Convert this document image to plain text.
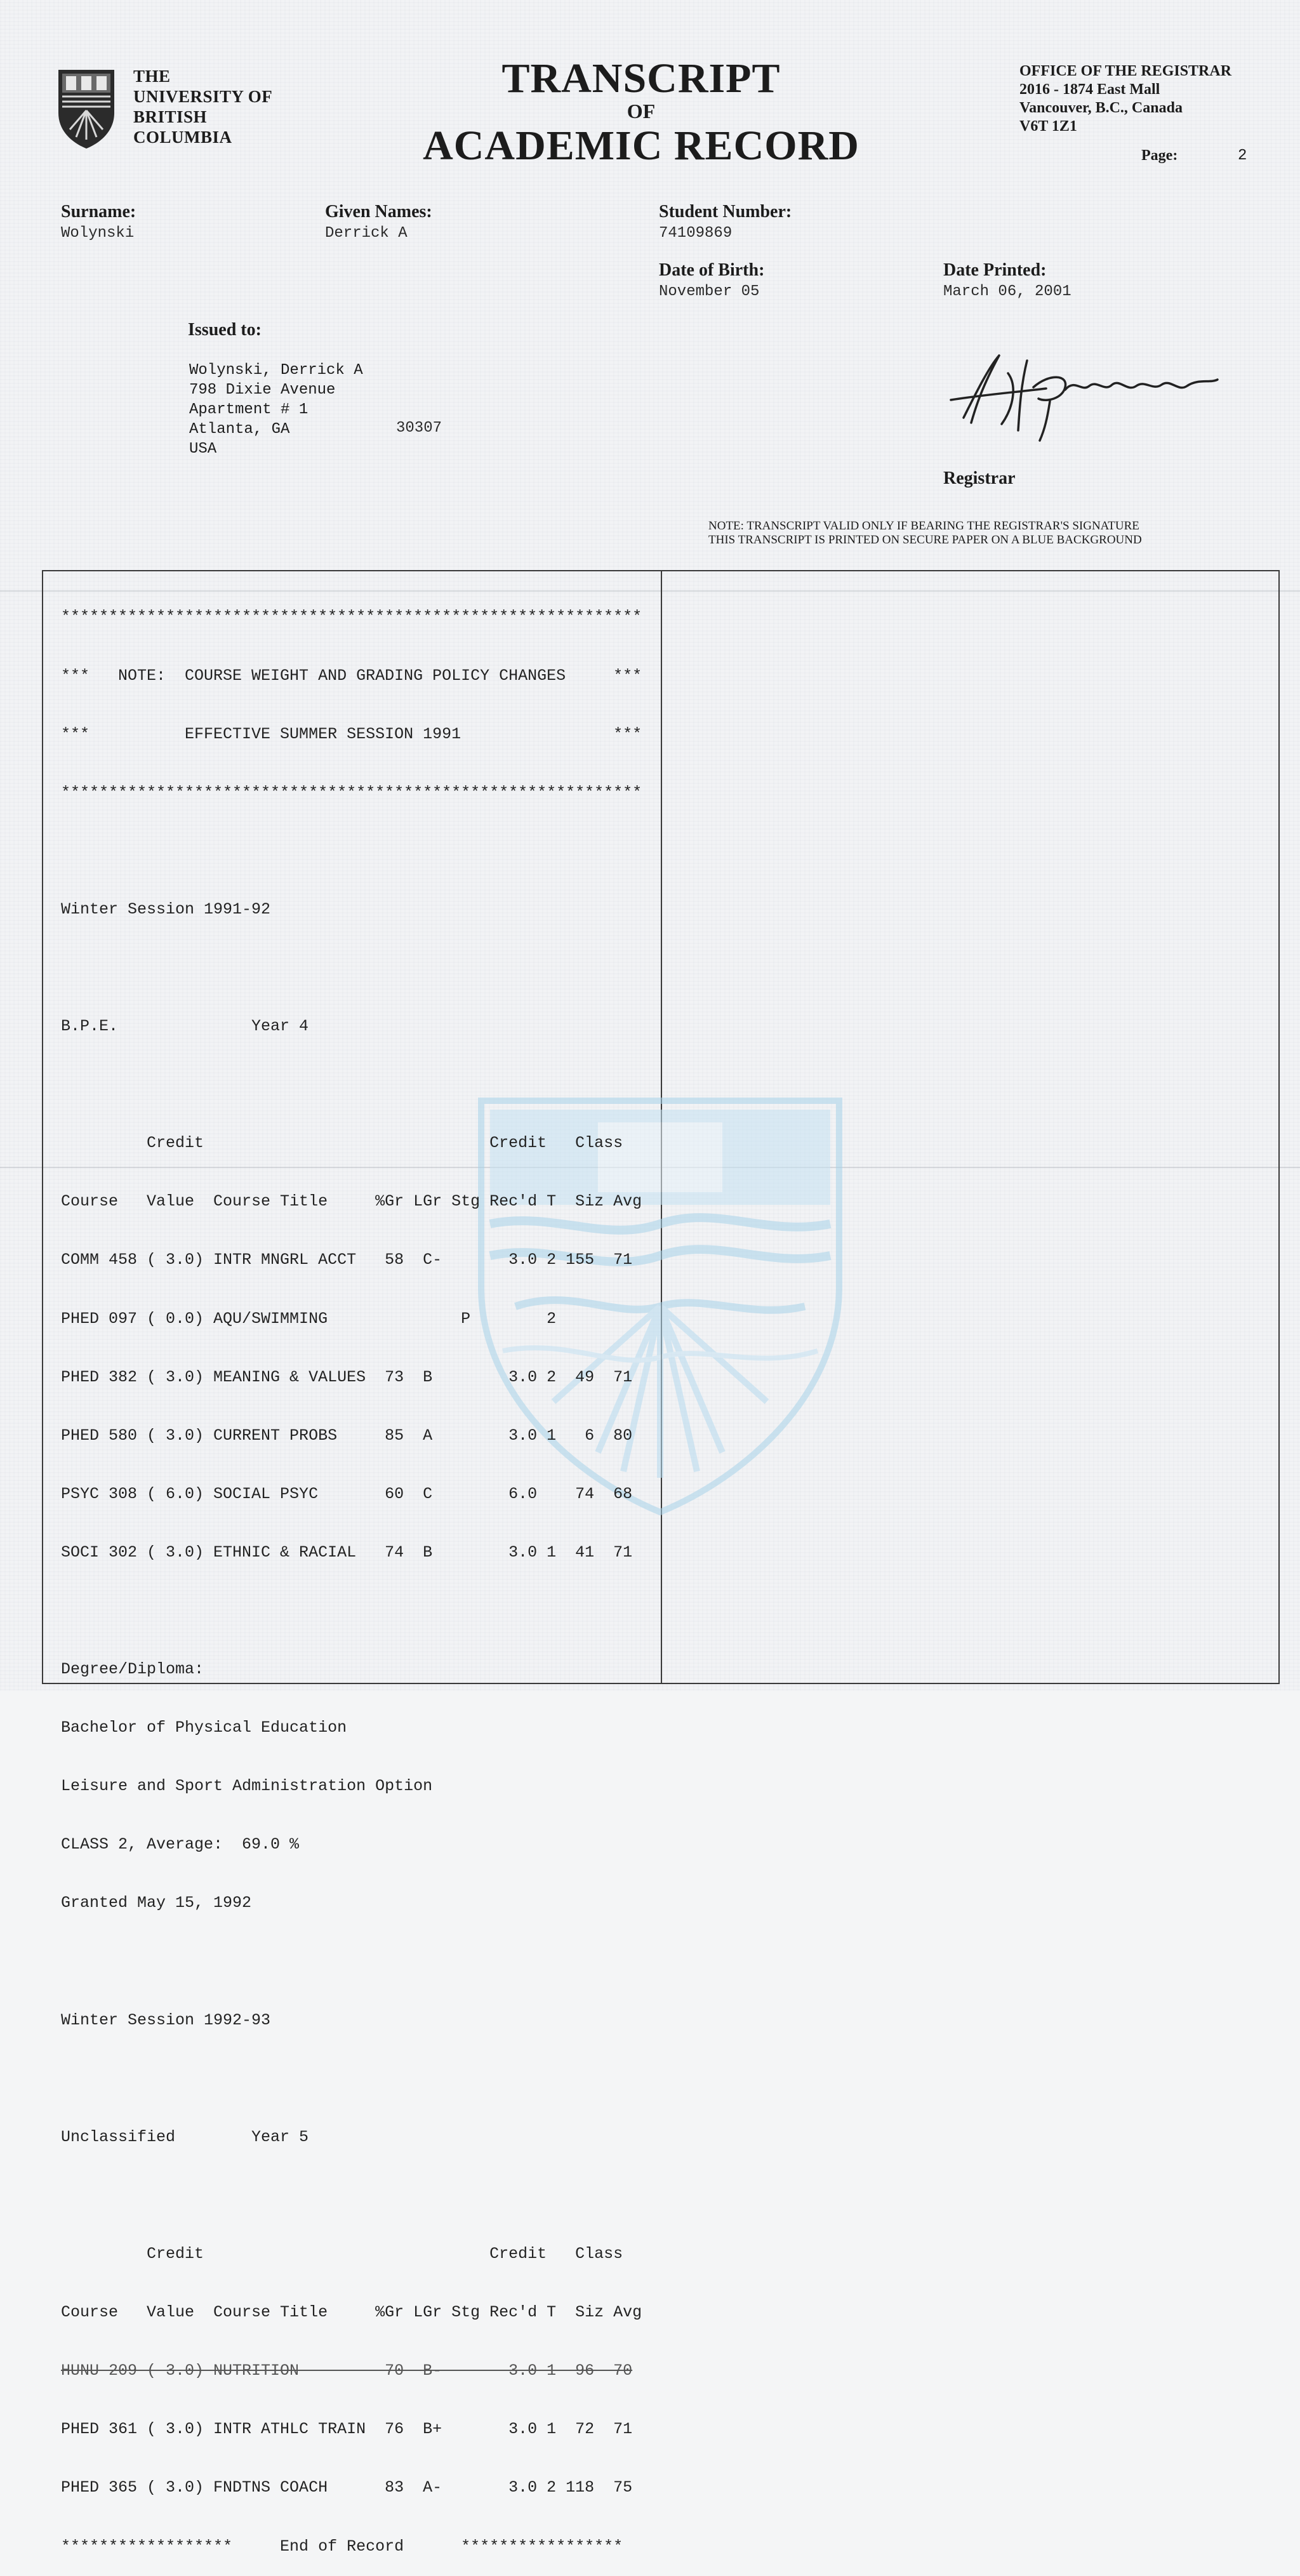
THE
UNIVERSITY OF
BRITISH
COLUMBIA
TRANSCRIPT
OF
ACADEMIC RECORD
OFFICE OF THE REGISTRAR
2016 - 1874 East Mall
Vancouver, B.C., Canada
V6T 1Z1
Page:	2
Surname:
Wolynski
Given Names:
Derrick A
Student Number:
74109869
Date of Birth:
November 05
Date Printed:
March 06, 2001
Issued to:
Wolynski, Derrick A
798 Dixie Avenue
Apartment # 1
Atlanta, GA
USA
30307
Registrar
NOTE: TRANSCRIPT VALID ONLY IF BEARING THE REGISTRAR'S SIGNATURE
THIS TRANSCRIPT IS PRINTED ON SECURE PAPER ON A BLUE BACKGROUND

*************************************************************

***   NOTE:  COURSE WEIGHT AND GRADING POLICY CHANGES     ***

***          EFFECTIVE SUMMER SESSION 1991                ***

*************************************************************

Winter Session 1991-92

B.P.E.              Year 4

Credit                              Credit   Class

Course   Value  Course Title     %Gr LGr Stg Rec'd T  Siz Avg

COMM 458 ( 3.0) INTR MNGRL ACCT   58  C-       3.0 2 155  71

PHED 097 ( 0.0) AQU/SWIMMING              P        2

PHED 382 ( 3.0) MEANING & VALUES  73  B        3.0 2  49  71

PHED 580 ( 3.0) CURRENT PROBS     85  A        3.0 1   6  80

PSYC 308 ( 6.0) SOCIAL PSYC       60  C        6.0    74  68

SOCI 302 ( 3.0) ETHNIC & RACIAL   74  B        3.0 1  41  71

Degree/Diploma:

Bachelor of Physical Education

Leisure and Sport Administration Option

CLASS 2, Average:  69.0 %

Granted May 15, 1992

Winter Session 1992-93

Unclassified        Year 5

Credit                              Credit   Class

Course   Value  Course Title     %Gr LGr Stg Rec'd T  Siz Avg

HUNU 209 ( 3.0) NUTRITION         70  B-       3.0 1  96  70

PHED 361 ( 3.0) INTR ATHLC TRAIN  76  B+       3.0 1  72  71

PHED 365 ( 3.0) FNDTNS COACH      83  A-       3.0 2 118  75

******************     End of Record      *****************
